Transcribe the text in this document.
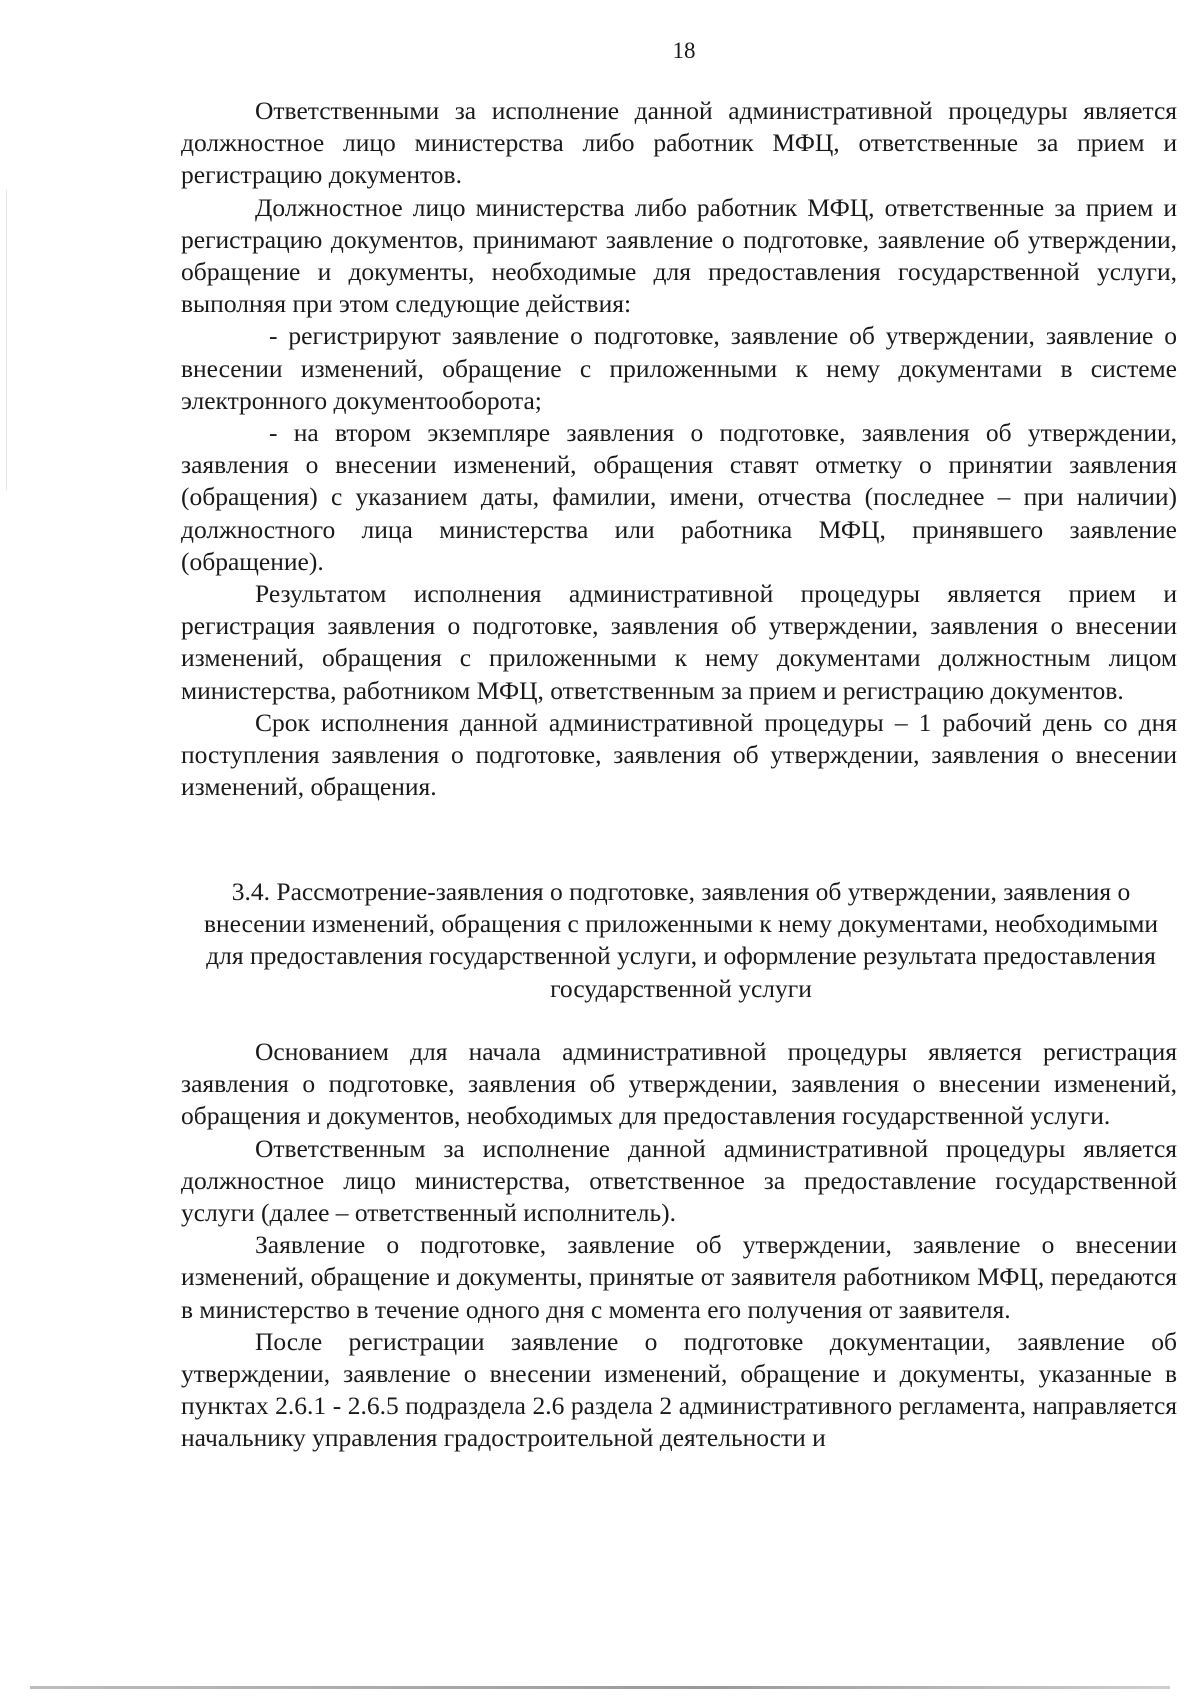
18

Ответственными за исполнение данной административной процедуры является должностное лицо министерства либо работник МФЦ, ответственные за прием и регистрацию документов.

Должностное лицо министерства либо работник МФЦ, ответственные за прием и регистрацию документов, принимают заявление о подготовке, заявление об утверждении, обращение и документы, необходимые для предоставления государственной услуги, выполняя при этом следующие действия:

- регистрируют заявление о подготовке, заявление об утверждении, заявление о внесении изменений, обращение с приложенными к нему документами в системе электронного документооборота;

- на втором экземпляре заявления о подготовке, заявления об утверждении, заявления о внесении изменений, обращения ставят отметку о принятии заявления (обращения) с указанием даты, фамилии, имени, отчества (последнее – при наличии) должностного лица министерства или работника МФЦ, принявшего заявление (обращение).

Результатом исполнения административной процедуры является прием и регистрация заявления о подготовке, заявления об утверждении, заявления о внесении изменений, обращения с приложенными к нему документами должностным лицом министерства, работником МФЦ, ответственным за прием и регистрацию документов.

Срок исполнения данной административной процедуры – 1 рабочий день со дня поступления заявления о подготовке, заявления об утверждении, заявления о внесении изменений, обращения.

3.4. Рассмотрение-заявления о подготовке, заявления об утверждении, заявления о внесении изменений, обращения с приложенными к нему документами, необходимыми для предоставления государственной услуги, и оформление результата предоставления государственной услуги

Основанием для начала административной процедуры является регистрация заявления о подготовке, заявления об утверждении, заявления о внесении изменений, обращения и документов, необходимых для предоставления государственной услуги.

Ответственным за исполнение данной административной процедуры является должностное лицо министерства, ответственное за предоставление государственной услуги (далее – ответственный исполнитель).

Заявление о подготовке, заявление об утверждении, заявление о внесении изменений, обращение и документы, принятые от заявителя работником МФЦ, передаются в министерство в течение одного дня с момента его получения от заявителя.

После регистрации заявление о подготовке документации, заявление об утверждении, заявление о внесении изменений, обращение и документы, указанные в пунктах 2.6.1 - 2.6.5 подраздела 2.6 раздела 2 административного регламента, направляется начальнику управления градостроительной деятельности и
